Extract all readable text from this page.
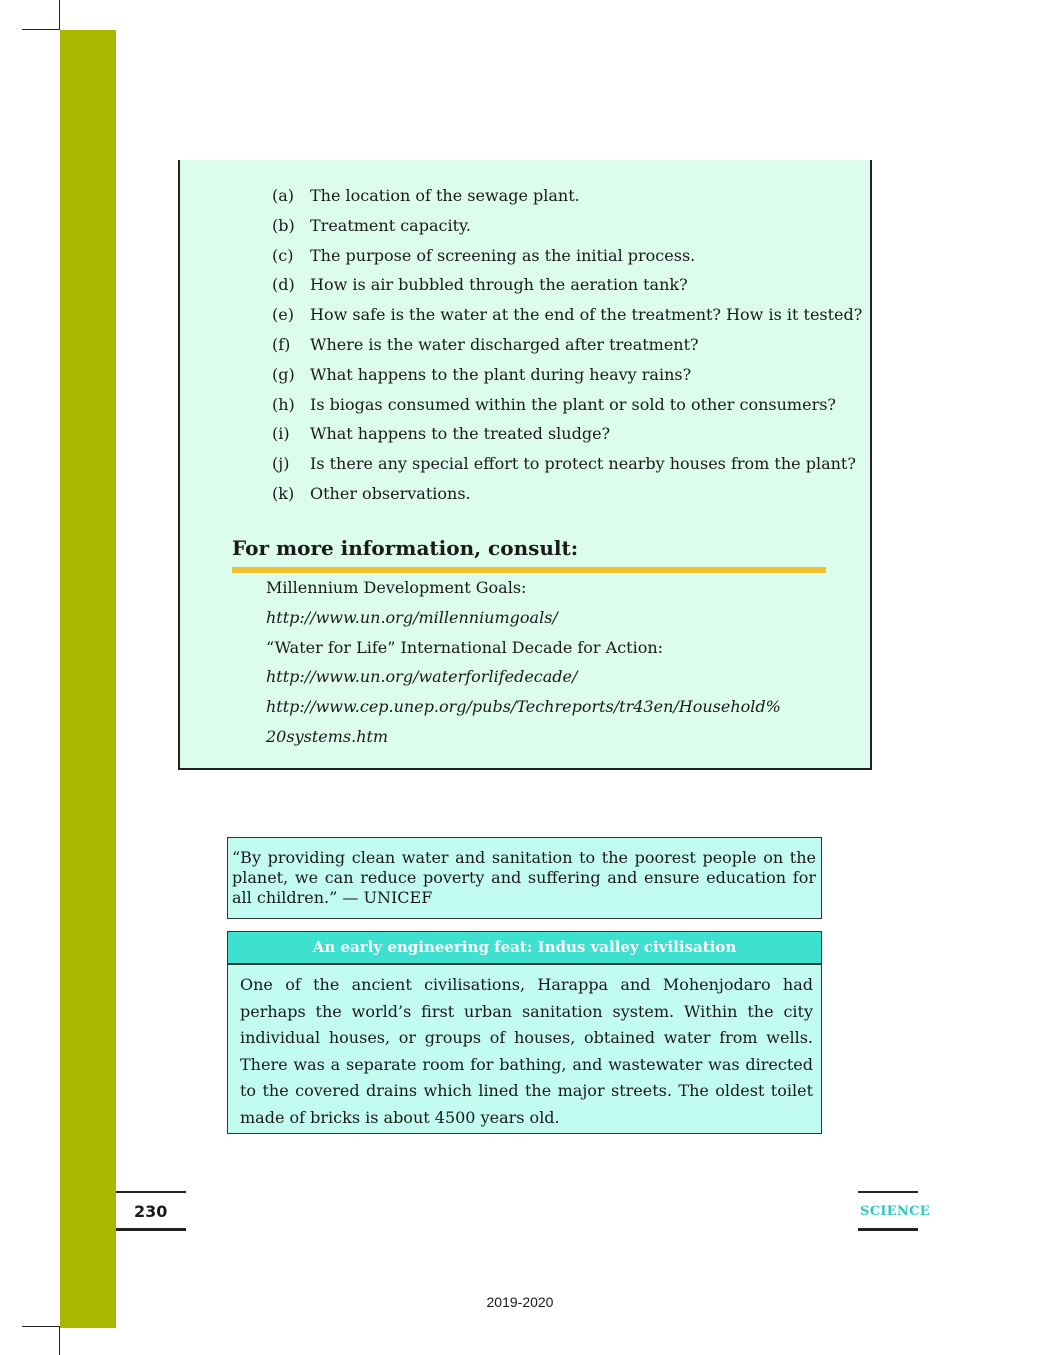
(a) The location of the sewage plant.
(b) Treatment capacity.
(c)	The purpose of screening as the initial process.
(d) How is air bubbled through the aeration tank?
(e)	How safe is the water at the end of the treatment? How is it tested?
(f)	Where is the water discharged after treatment?
(g) What happens to the plant during heavy rains?
(h) Is biogas consumed within the plant or sold to other consumers?
(i)	What happens to the treated sludge?
(j)	Is there any special effort to protect nearby houses from the plant?
(k) Other observations.
For more information, consult:
Millennium Development Goals:
http://www.un.org/millenniumgoals/
“Water for Life” International Decade for Action:
http://www.un.org/waterforlifedecade/
http://www.cep.unep.org/pubs/Techreports/tr43en/Household%
20systems.htm
“By providing clean water and sanitation to the poorest people on the planet, we can reduce poverty and suffering and ensure education for all children.” — UNICEF
An early engineering feat: Indus valley civilisation
One of the ancient civilisations, Harappa and Mohenjodaro had perhaps the world’s first urban sanitation system. Within the city individual houses, or groups of houses, obtained water from wells. There was a separate room for bathing, and wastewater was directed to the covered drains which lined the major streets. The oldest toilet made of bricks is about 4500 years old.
230	SCIENCE
2019-2020
